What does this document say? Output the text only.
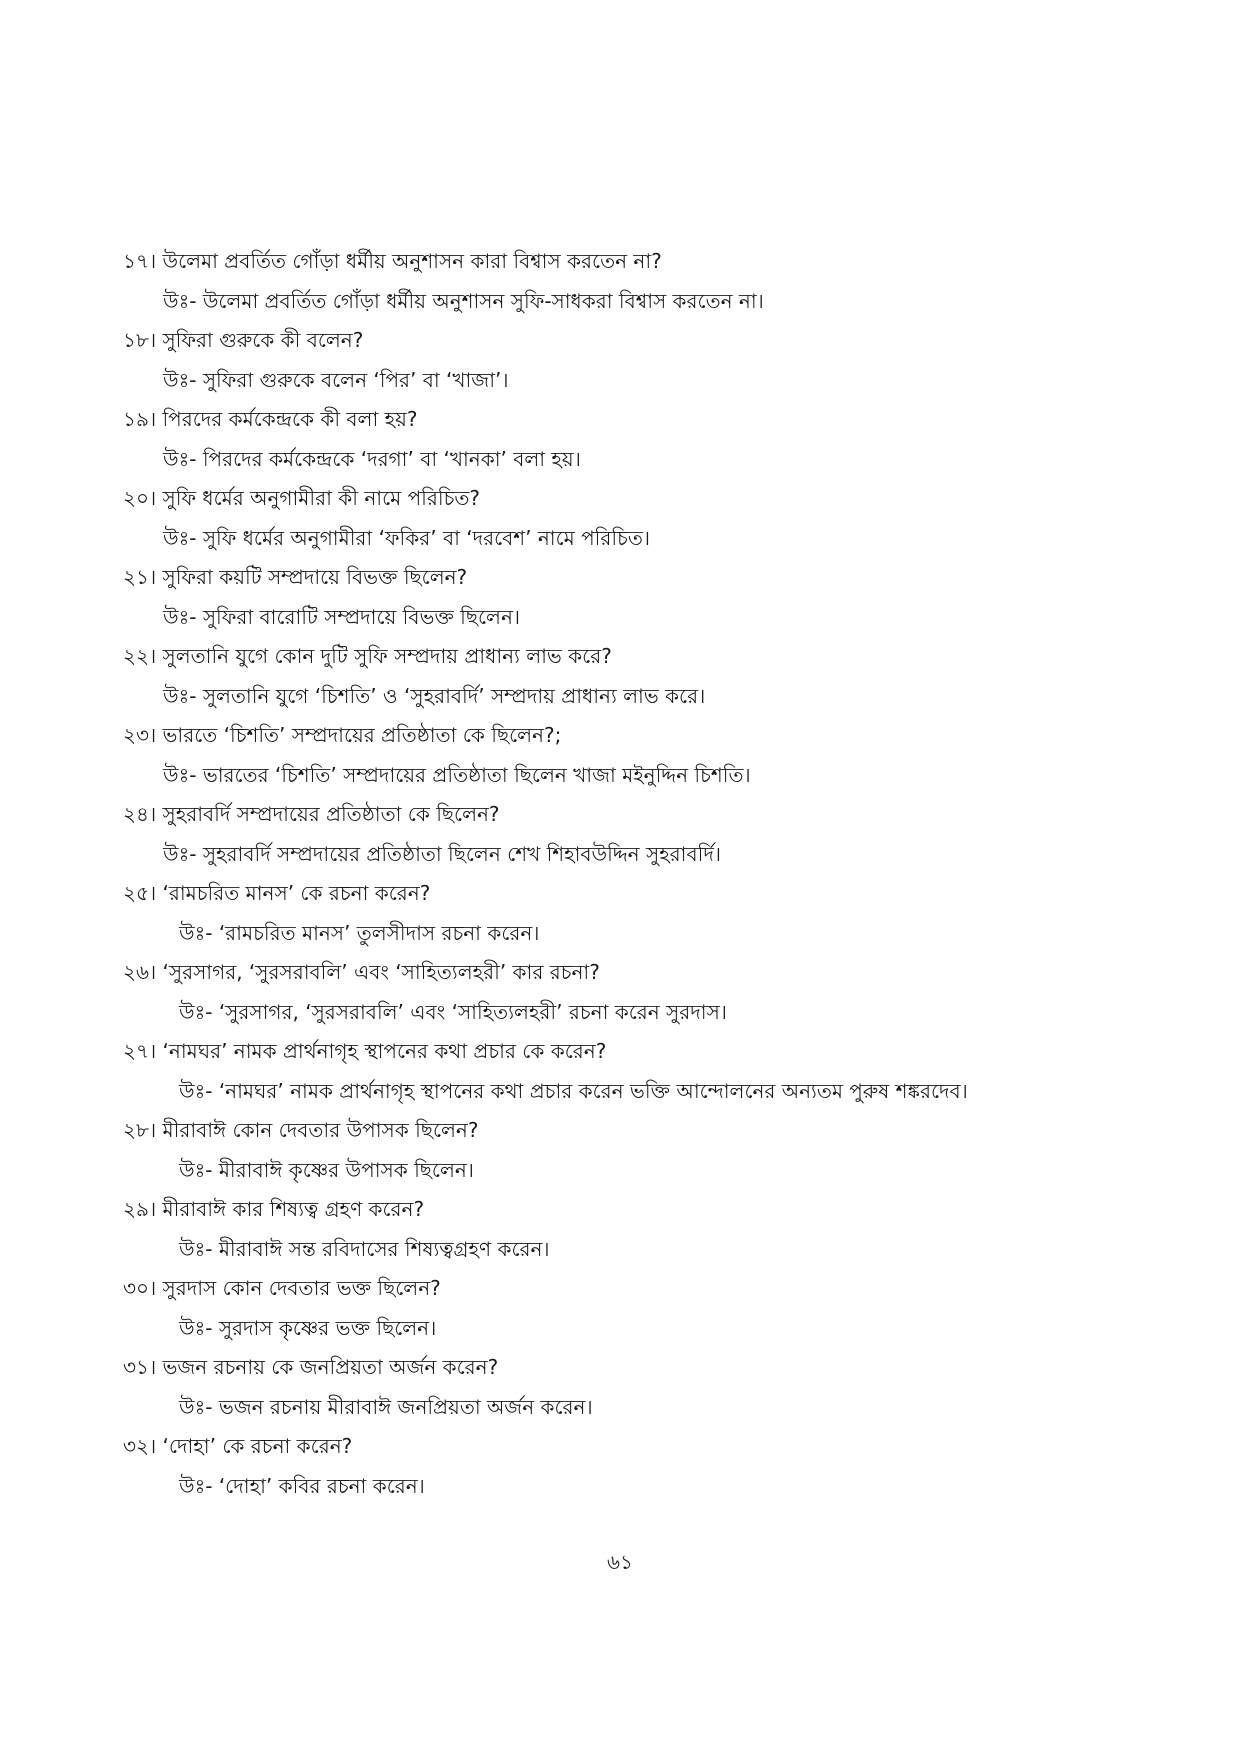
১৭। উলেমা প্রবর্তিত গোঁড়া ধর্মীয় অনুশাসন কারা বিশ্বাস করতেন না?
উঃ- উলেমা প্রবর্তিত গোঁড়া ধর্মীয় অনুশাসন সুফি-সাধকরা বিশ্বাস করতেন না।
১৮। সুফিরা গুরুকে কী বলেন?
উঃ- সুফিরা গুরুকে বলেন ‘পির’ বা ‘খাজা’।
১৯। পিরদের কর্মকেন্দ্রকে কী বলা হয়?
উঃ- পিরদের কর্মকেন্দ্রকে ‘দরগা’ বা ‘খানকা’ বলা হয়।
২০। সুফি ধর্মের অনুগামীরা কী নামে পরিচিত?
উঃ- সুফি ধর্মের অনুগামীরা ‘ফকির’ বা ‘দরবেশ’ নামে পরিচিত।
২১। সুফিরা কয়টি সম্প্রদায়ে বিভক্ত ছিলেন?
উঃ- সুফিরা বারোটি সম্প্রদায়ে বিভক্ত ছিলেন।
২২। সুলতানি যুগে কোন দুটি সুফি সম্প্রদায় প্রাধান্য লাভ করে?
উঃ- সুলতানি যুগে ‘চিশতি’ ও ‘সুহরাবর্দি’ সম্প্রদায় প্রাধান্য লাভ করে।
২৩। ভারতে ‘চিশতি’ সম্প্রদায়ের প্রতিষ্ঠাতা কে ছিলেন?;
উঃ- ভারতের ‘চিশতি’ সম্প্রদায়ের প্রতিষ্ঠাতা ছিলেন খাজা মইনুদ্দিন চিশতি।
২৪। সুহরাবর্দি সম্প্রদায়ের প্রতিষ্ঠাতা কে ছিলেন?
উঃ- সুহরাবর্দি সম্প্রদায়ের প্রতিষ্ঠাতা ছিলেন শেখ শিহাবউদ্দিন সুহরাবর্দি।
২৫। ‘রামচরিত মানস’ কে রচনা করেন?
উঃ- ‘রামচরিত মানস’ তুলসীদাস রচনা করেন।
২৬। ‘সুরসাগর, ‘সুরসরাবলি’ এবং ‘সাহিত্যলহরী’ কার রচনা?
উঃ- ‘সুরসাগর, ‘সুরসরাবলি’ এবং ‘সাহিত্যলহরী’ রচনা করেন সুরদাস।
২৭। ‘নামঘর’ নামক প্রার্থনাগৃহ স্থাপনের কথা প্রচার কে করেন?
উঃ- ‘নামঘর’ নামক প্রার্থনাগৃহ স্থাপনের কথা প্রচার করেন ভক্তি আন্দোলনের অন্যতম পুরুষ শঙ্করদেব।
২৮। মীরাবাঈ কোন দেবতার উপাসক ছিলেন?
উঃ- মীরাবাঈ কৃষ্ণের উপাসক ছিলেন।
২৯। মীরাবাঈ কার শিষ্যত্ব গ্রহণ করেন?
উঃ- মীরাবাঈ সন্ত রবিদাসের শিষ্যত্বগ্রহণ করেন।
৩০। সুরদাস কোন দেবতার ভক্ত ছিলেন?
উঃ- সুরদাস কৃষ্ণের ভক্ত ছিলেন।
৩১। ভজন রচনায় কে জনপ্রিয়তা অর্জন করেন?
উঃ- ভজন রচনায় মীরাবাঈ জনপ্রিয়তা অর্জন করেন।
৩২। ‘দোহা’ কে রচনা করেন?
উঃ- ‘দোহা’ কবির রচনা করেন।
৬১
